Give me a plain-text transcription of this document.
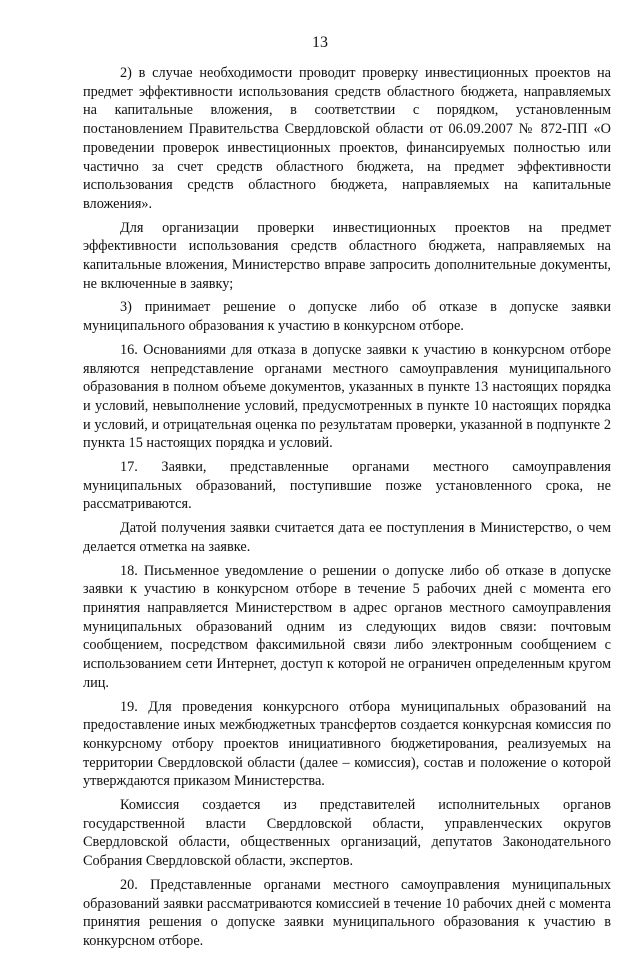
13

2) в случае необходимости проводит проверку инвестиционных проектов на предмет эффективности использования средств областного бюджета, направляемых на капитальные вложения, в соответствии с порядком, установленным постановлением Правительства Свердловской области от 06.09.2007 № 872-ПП «О проведении проверок инвестиционных проектов, финансируемых полностью или частично за счет средств областного бюджета, на предмет эффективности использования средств областного бюджета, направляемых на капитальные вложения».

Для организации проверки инвестиционных проектов на предмет эффективности использования средств областного бюджета, направляемых на капитальные вложения, Министерство вправе запросить дополнительные документы, не включенные в заявку;

3) принимает решение о допуске либо об отказе в допуске заявки муниципального образования к участию в конкурсном отборе.

16. Основаниями для отказа в допуске заявки к участию в конкурсном отборе являются непредставление органами местного самоуправления муниципального образования в полном объеме документов, указанных в пункте 13 настоящих порядка и условий, невыполнение условий, предусмотренных в пункте 10 настоящих порядка и условий, и отрицательная оценка по результатам проверки, указанной в подпункте 2 пункта 15 настоящих порядка и условий.

17. Заявки, представленные органами местного самоуправления муниципальных образований, поступившие позже установленного срока, не рассматриваются.

Датой получения заявки считается дата ее поступления в Министерство, о чем делается отметка на заявке.

18. Письменное уведомление о решении о допуске либо об отказе в допуске заявки к участию в конкурсном отборе в течение 5 рабочих дней с момента его принятия направляется Министерством в адрес органов местного самоуправления муниципальных образований одним из следующих видов связи: почтовым сообщением, посредством факсимильной связи либо электронным сообщением с использованием сети Интернет, доступ к которой не ограничен определенным кругом лиц.

19. Для проведения конкурсного отбора муниципальных образований на предоставление иных межбюджетных трансфертов создается конкурсная комиссия по конкурсному отбору проектов инициативного бюджетирования, реализуемых на территории Свердловской области (далее – комиссия), состав и положение о которой утверждаются приказом Министерства.

Комиссия создается из представителей исполнительных органов государственной власти Свердловской области, управленческих округов Свердловской области, общественных организаций, депутатов Законодательного Собрания Свердловской области, экспертов.

20. Представленные органами местного самоуправления муниципальных образований заявки рассматриваются комиссией в течение 10 рабочих дней с момента принятия решения о допуске заявки муниципального образования к участию в конкурсном отборе.
